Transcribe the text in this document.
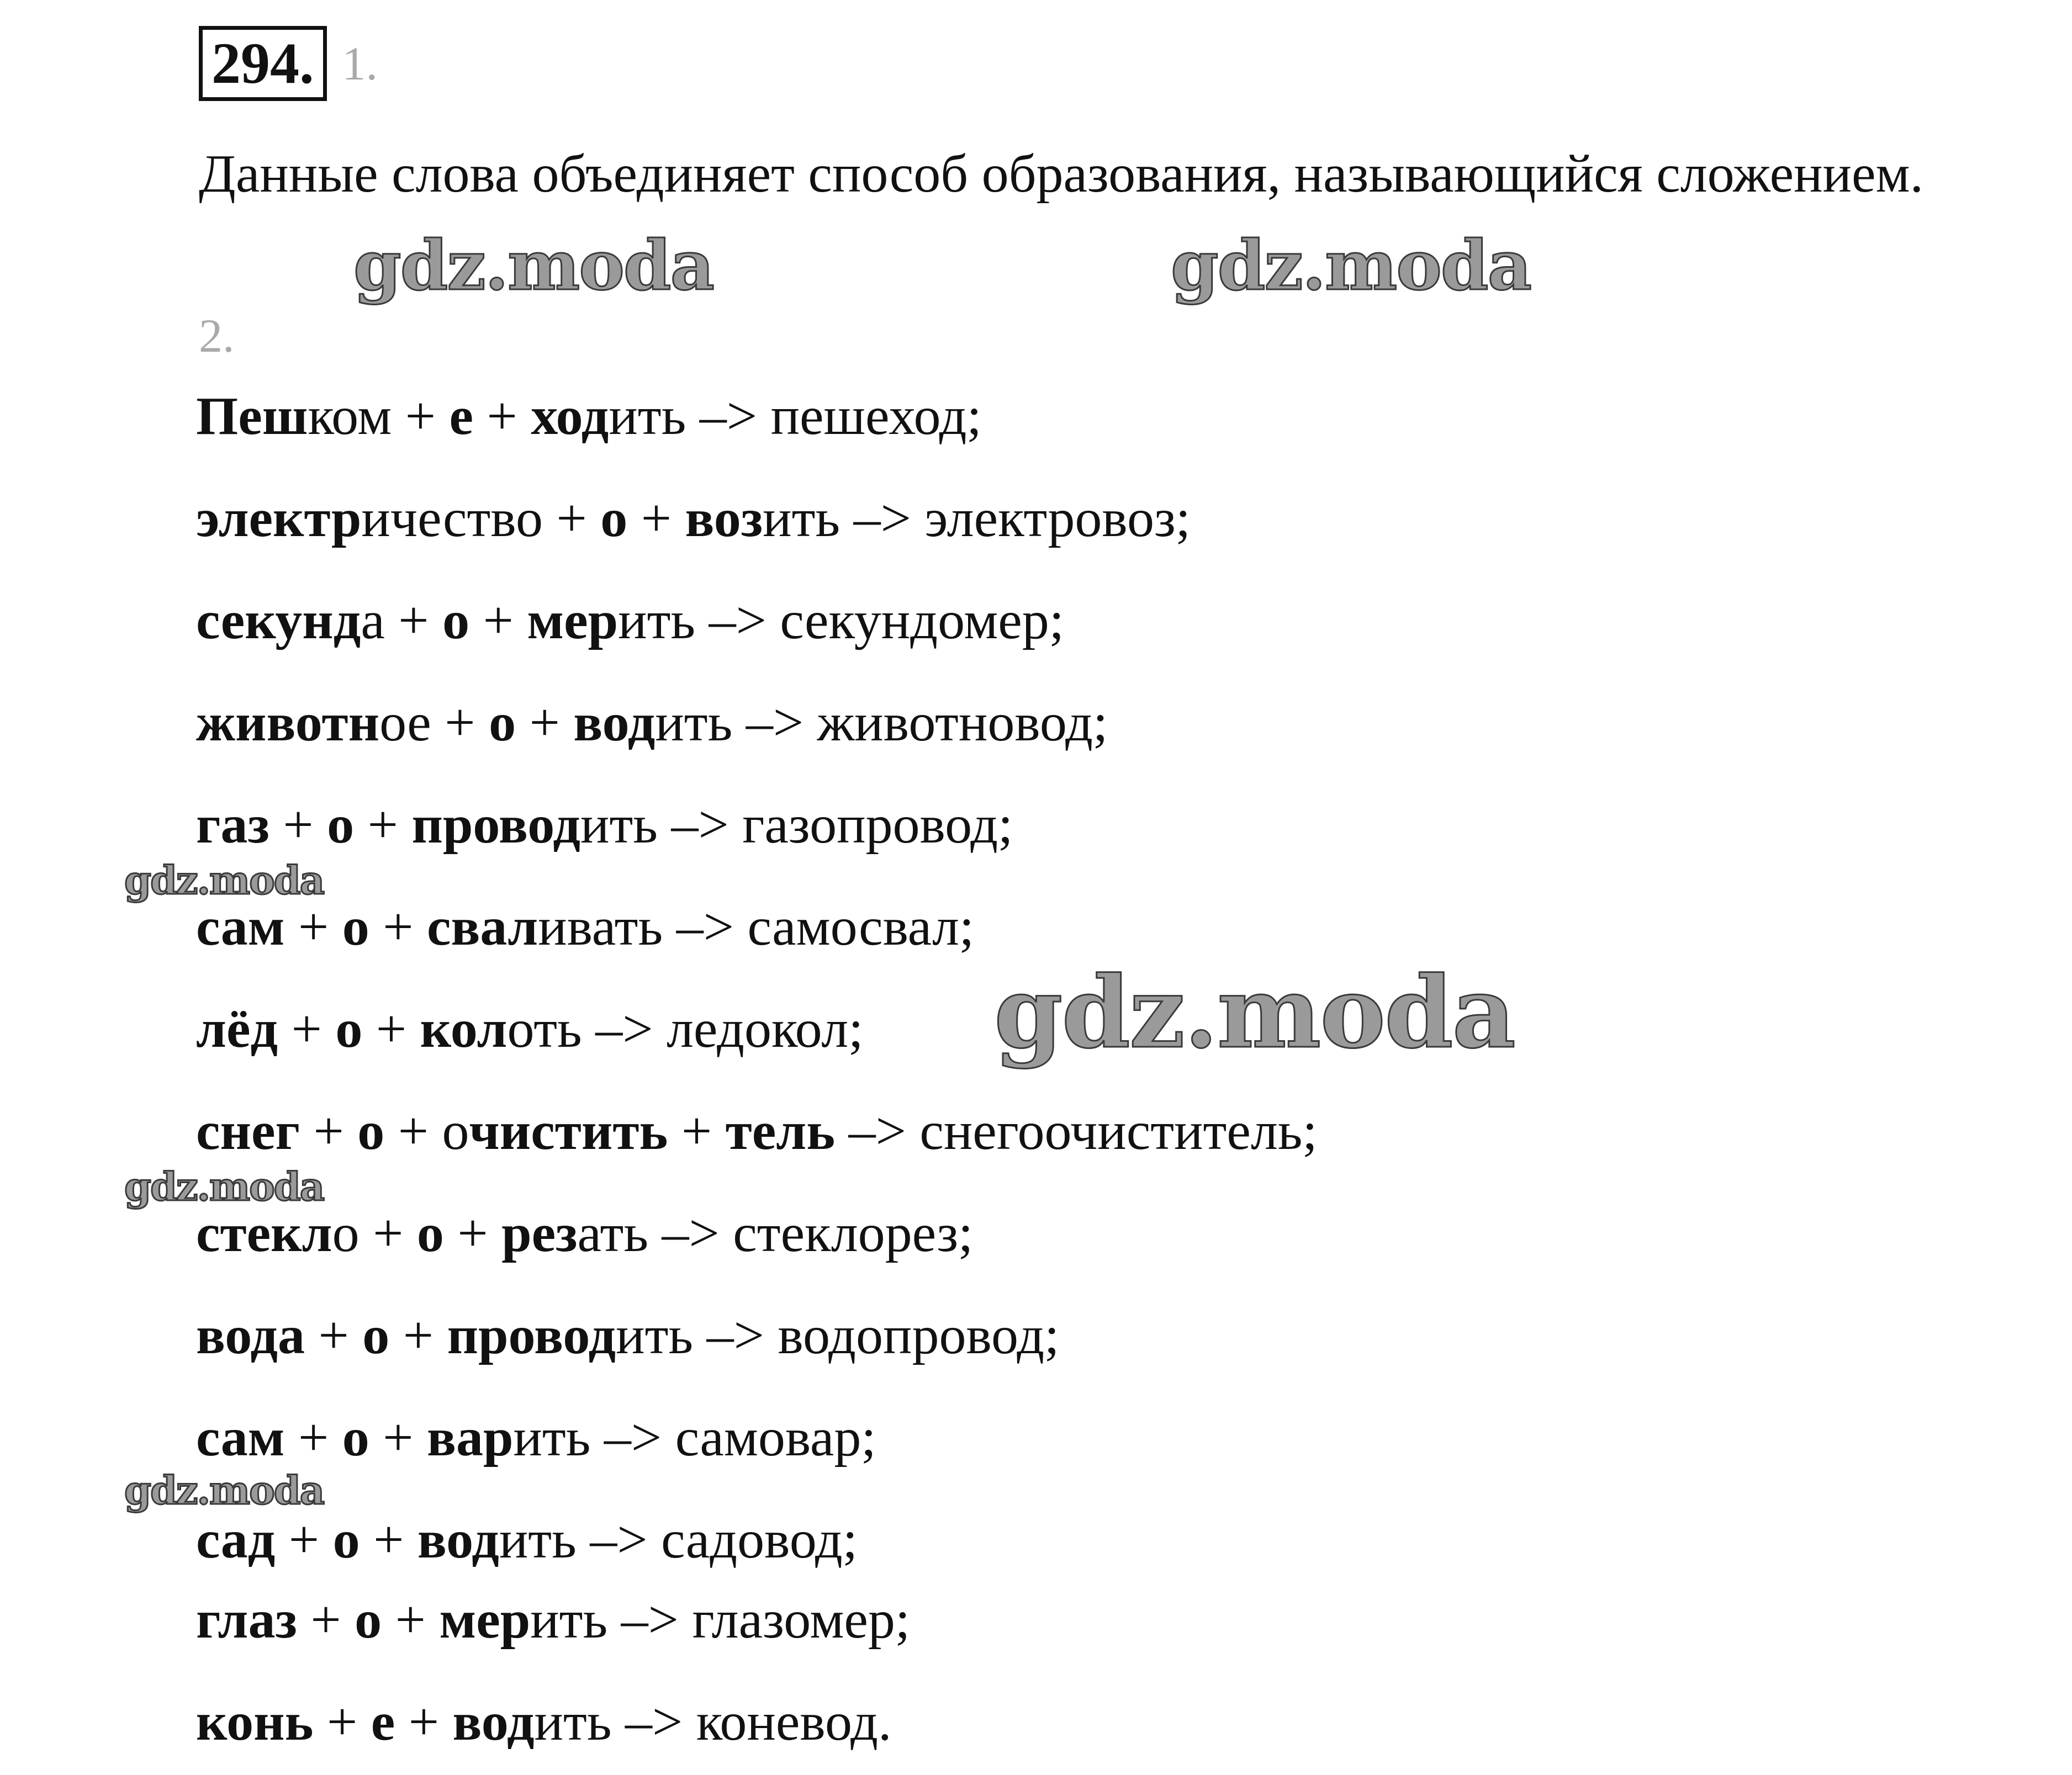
294. 1.

Данные слова объединяет способ образования, называющийся сложением.

2.
Пешком + е + ходить –> пешеход;
электричество + о + возить –> электровоз;
секунда + о + мерить –> секундомер;
животное + о + водить –> животновод;
газ + о + проводить –> газопровод;
сам + о + сваливать –> самосвал;
лёд + о + колоть –> ледокол;
снег + о + очистить + тель –> снегоочиститель;
стекло + о + резать –> стеклорез;
вода + о + проводить –> водопровод;
сам + о + варить –> самовар;
сад + о + водить –> садовод;
глаз + о + мерить –> глазомер;
конь + е + водить –> коневод.
gdz.moda	gdz.moda
gdz.moda
gdz.moda
gdz.moda
gdz.moda
